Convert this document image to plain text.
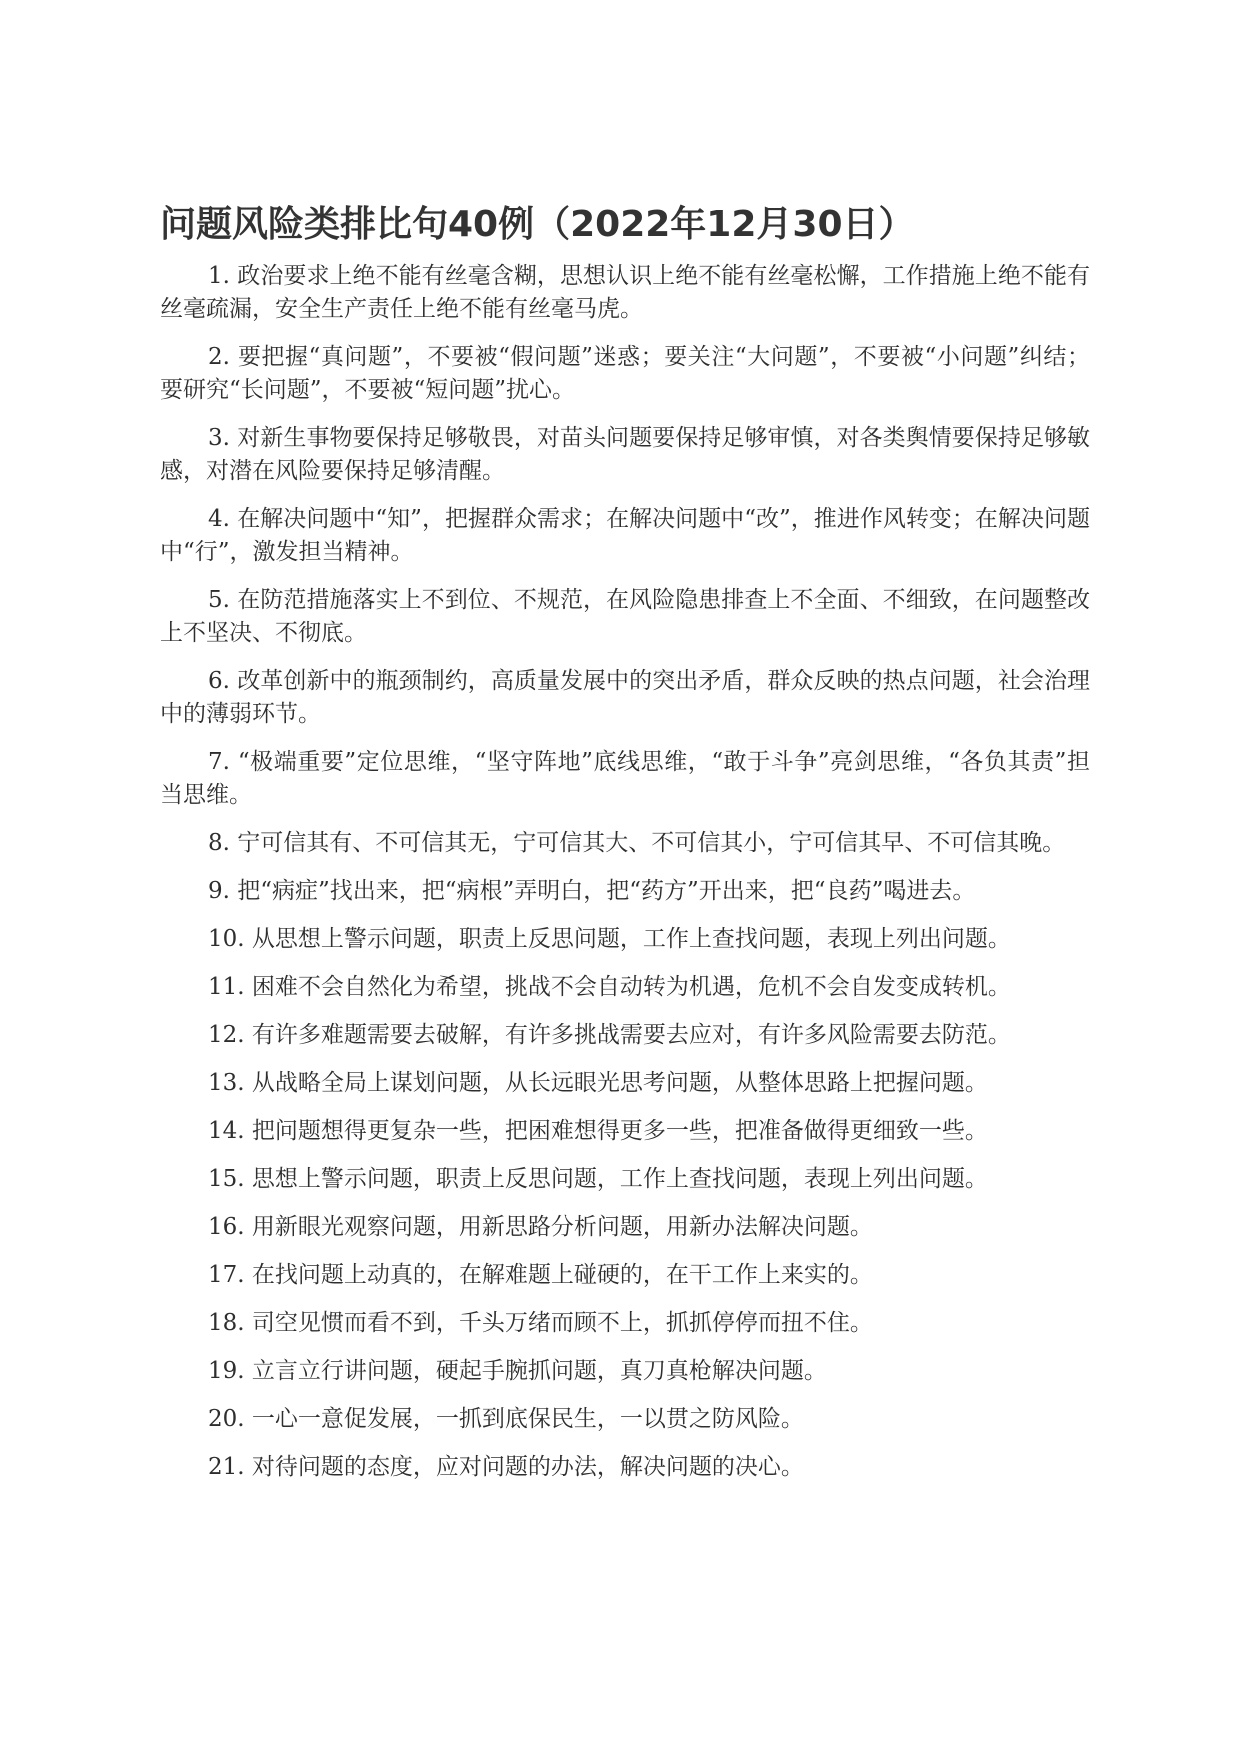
问题风险类排比句40例（2022年12月30日）
1. 政治要求上绝不能有丝毫含糊，思想认识上绝不能有丝毫松懈，工作措施上绝不能有丝毫疏漏，安全生产责任上绝不能有丝毫马虎。
2. 要把握“真问题”，不要被“假问题”迷惑；要关注“大问题”，不要被“小问题”纠结；要研究“长问题”，不要被“短问题”扰心。
3. 对新生事物要保持足够敬畏，对苗头问题要保持足够审慎，对各类舆情要保持足够敏感，对潜在风险要保持足够清醒。
4. 在解决问题中“知”，把握群众需求；在解决问题中“改”，推进作风转变；在解决问题中“行”，激发担当精神。
5. 在防范措施落实上不到位、不规范，在风险隐患排查上不全面、不细致，在问题整改上不坚决、不彻底。
6. 改革创新中的瓶颈制约，高质量发展中的突出矛盾，群众反映的热点问题，社会治理中的薄弱环节。
7. “极端重要”定位思维，“坚守阵地”底线思维，“敢于斗争”亮剑思维，“各负其责”担当思维。
8. 宁可信其有、不可信其无，宁可信其大、不可信其小，宁可信其早、不可信其晚。
9. 把“病症”找出来，把“病根”弄明白，把“药方”开出来，把“良药”喝进去。
10. 从思想上警示问题，职责上反思问题，工作上查找问题，表现上列出问题。
11. 困难不会自然化为希望，挑战不会自动转为机遇，危机不会自发变成转机。
12. 有许多难题需要去破解，有许多挑战需要去应对，有许多风险需要去防范。
13. 从战略全局上谋划问题，从长远眼光思考问题，从整体思路上把握问题。
14. 把问题想得更复杂一些，把困难想得更多一些，把准备做得更细致一些。
15. 思想上警示问题，职责上反思问题，工作上查找问题，表现上列出问题。
16. 用新眼光观察问题，用新思路分析问题，用新办法解决问题。
17. 在找问题上动真的，在解难题上碰硬的，在干工作上来实的。
18. 司空见惯而看不到，千头万绪而顾不上，抓抓停停而扭不住。
19. 立言立行讲问题，硬起手腕抓问题，真刀真枪解决问题。
20. 一心一意促发展，一抓到底保民生，一以贯之防风险。
21. 对待问题的态度，应对问题的办法，解决问题的决心。
